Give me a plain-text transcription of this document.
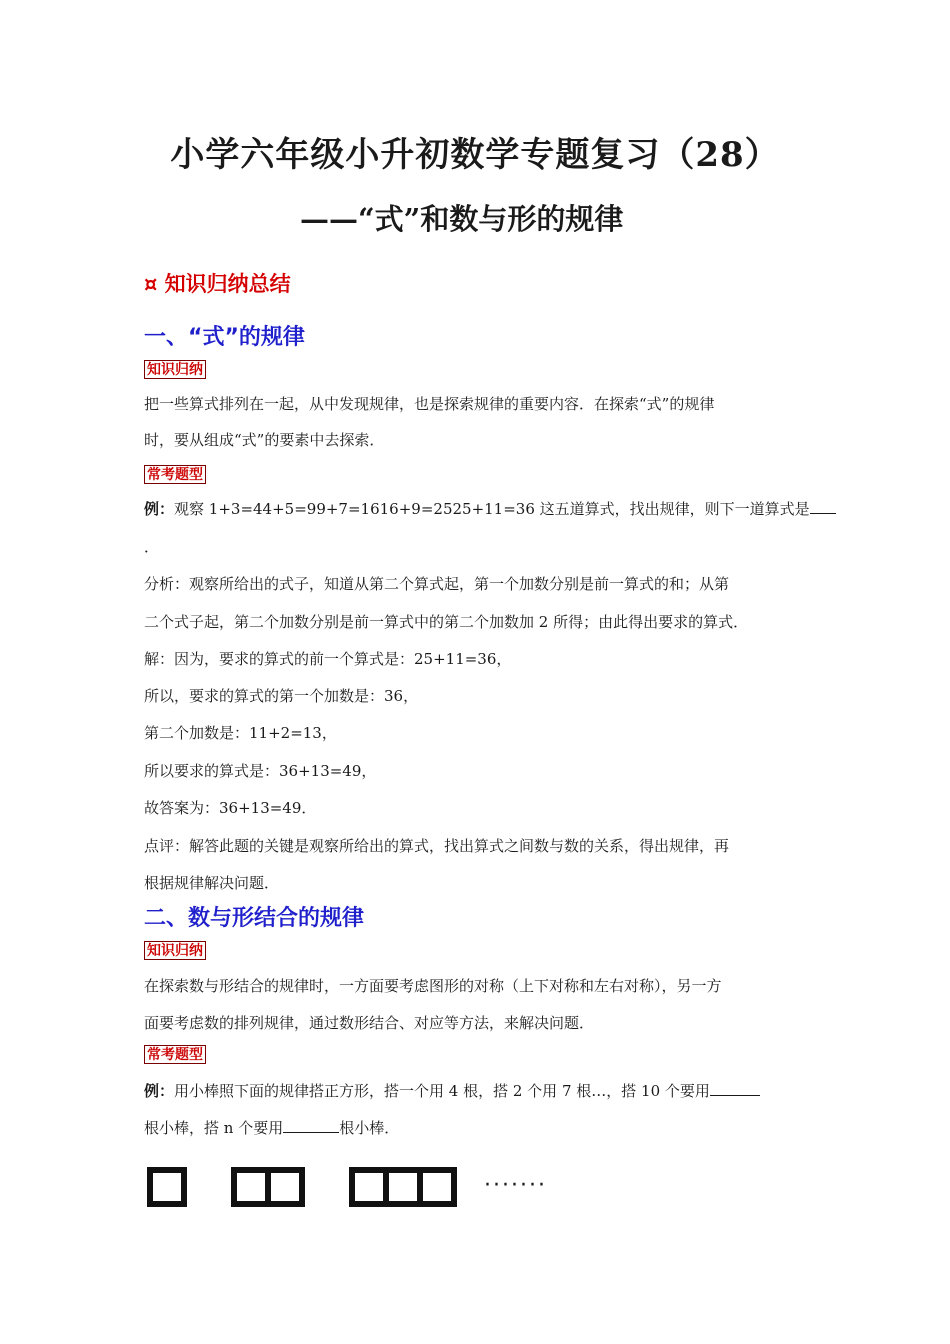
小学六年级小升初数学专题复习（28）
——“式”和数与形的规律
¤ 知识归纳总结
一、“式”的规律
知识归纳
把一些算式排列在一起，从中发现规律，也是探索规律的重要内容．在探索“式”的规律
时，要从组成“式”的要素中去探索．
常考题型
例：观察 1+3=44+5=99+7=1616+9=2525+11=36 这五道算式，找出规律，则下一道算式是
．
分析：观察所给出的式子，知道从第二个算式起，第一个加数分别是前一算式的和；从第
二个式子起，第二个加数分别是前一算式中的第二个加数加 2 所得；由此得出要求的算式．
解：因为，要求的算式的前一个算式是：25+11=36，
所以，要求的算式的第一个加数是：36，
第二个加数是：11+2=13，
所以要求的算式是：36+13=49，
故答案为：36+13=49．
点评：解答此题的关键是观察所给出的算式，找出算式之间数与数的关系，得出规律，再
根据规律解决问题．
二、数与形结合的规律
知识归纳
在探索数与形结合的规律时，一方面要考虑图形的对称（上下对称和左右对称），另一方
面要考虑数的排列规律，通过数形结合、对应等方法，来解决问题．
常考题型
例：用小棒照下面的规律搭正方形，搭一个用 4 根，搭 2 个用 7 根…，搭 10 个要用
根小棒，搭 n 个要用	根小棒．
·······
